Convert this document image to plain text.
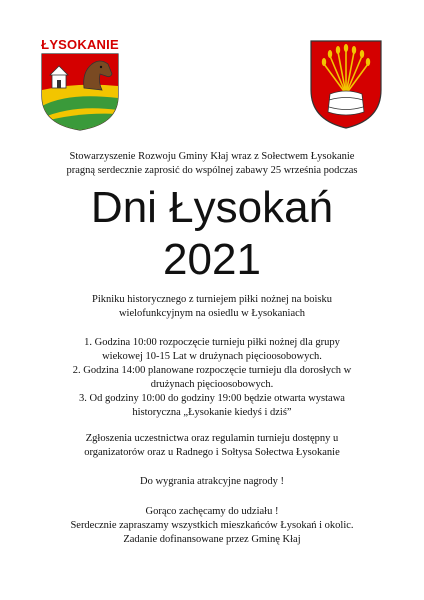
ŁYSOKANIE
Stowarzyszenie Rozwoju Gminy Kłaj wraz z Sołectwem Łysokanie
pragną serdecznie zaprosić do wspólnej zabawy 25 września podczas
Dni Łysokań
2021
Pikniku historycznego z turniejem piłki nożnej na boisku
wielofunkcyjnym na osiedlu w Łysokaniach
1. Godzina 10:00 rozpoczęcie turnieju piłki nożnej dla grupy
wiekowej 10-15 Lat w drużynach pięcioosobowych.
2. Godzina 14:00 planowane rozpoczęcie turnieju dla dorosłych w
drużynach pięcioosobowych.
3. Od godziny 10:00 do godziny 19:00 będzie otwarta wystawa
historyczna „Łysokanie kiedyś i dziś”
Zgłoszenia uczestnictwa oraz regulamin turnieju dostępny u
organizatorów oraz u Radnego i Sołtysa Sołectwa Łysokanie
Do wygrania atrakcyjne nagrody !
Gorąco zachęcamy do udziału !
Serdecznie zapraszamy wszystkich mieszkańców Łysokań i okolic.
Zadanie dofinansowane przez Gminę Kłaj
